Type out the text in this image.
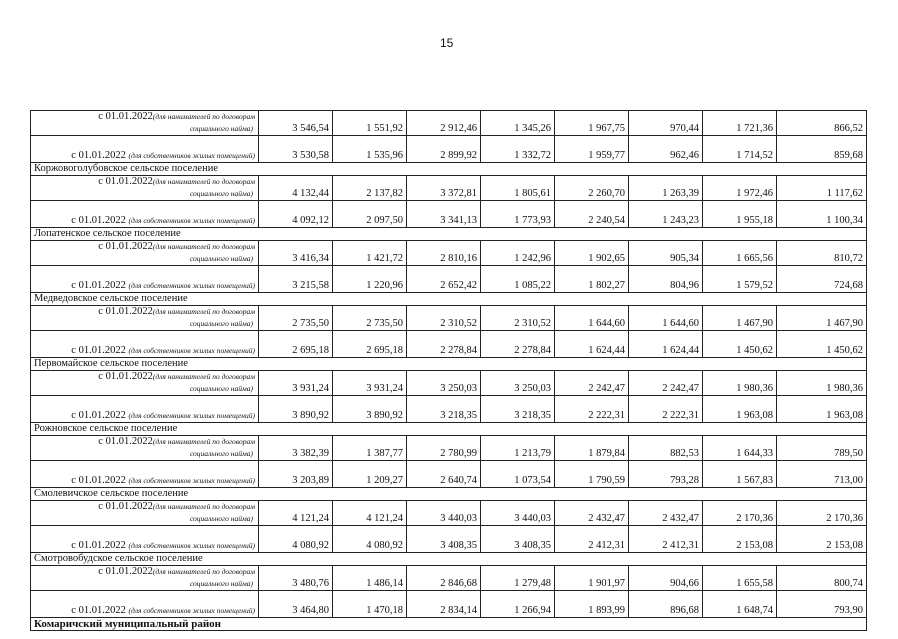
15
с 01.01.2022(для нанимателей по договорам
социального найма)	3 546,54	1 551,92	2 912,46	1 345,26	1 967,75	970,44	1 721,36	866,52
с 01.01.2022 (для собственников жилых помещений)	3 530,58	1 535,96	2 899,92	1 332,72	1 959,77	962,46	1 714,52	859,68
Коржовоголубовское сельское поселение								

с 01.01.2022(для нанимателей по договорам
социального найма)	4 132,44	2 137,82	3 372,81	1 805,61	2 260,70	1 263,39	1 972,46	1 117,62
с 01.01.2022 (для собственников жилых помещений)	4 092,12	2 097,50	3 341,13	1 773,93	2 240,54	1 243,23	1 955,18	1 100,34
Лопатенское сельское поселение								

с 01.01.2022(для нанимателей по договорам
социального найма)	3 416,34	1 421,72	2 810,16	1 242,96	1 902,65	905,34	1 665,56	810,72
с 01.01.2022 (для собственников жилых помещений)	3 215,58	1 220,96	2 652,42	1 085,22	1 802,27	804,96	1 579,52	724,68
Медведовское сельское поселение								

с 01.01.2022(для нанимателей по договорам
социального найма)	2 735,50	2 735,50	2 310,52	2 310,52	1 644,60	1 644,60	1 467,90	1 467,90
с 01.01.2022 (для собственников жилых помещений)	2 695,18	2 695,18	2 278,84	2 278,84	1 624,44	1 624,44	1 450,62	1 450,62
Первомайское сельское поселение								

с 01.01.2022(для нанимателей по договорам
социального найма)	3 931,24	3 931,24	3 250,03	3 250,03	2 242,47	2 242,47	1 980,36	1 980,36
с 01.01.2022 (для собственников жилых помещений)	3 890,92	3 890,92	3 218,35	3 218,35	2 222,31	2 222,31	1 963,08	1 963,08
Рожновское сельское поселение								

с 01.01.2022(для нанимателей по договорам
социального найма)	3 382,39	1 387,77	2 780,99	1 213,79	1 879,84	882,53	1 644,33	789,50
с 01.01.2022 (для собственников жилых помещений)	3 203,89	1 209,27	2 640,74	1 073,54	1 790,59	793,28	1 567,83	713,00
Смолевичское сельское поселение								

с 01.01.2022(для нанимателей по договорам
социального найма)	4 121,24	4 121,24	3 440,03	3 440,03	2 432,47	2 432,47	2 170,36	2 170,36
с 01.01.2022 (для собственников жилых помещений)	4 080,92	4 080,92	3 408,35	3 408,35	2 412,31	2 412,31	2 153,08	2 153,08
Смотровобудское сельское поселение								

с 01.01.2022(для нанимателей по договорам
социального найма)	3 480,76	1 486,14	2 846,68	1 279,48	1 901,97	904,66	1 655,58	800,74
с 01.01.2022 (для собственников жилых помещений)	3 464,80	1 470,18	2 834,14	1 266,94	1 893,99	896,68	1 648,74	793,90
Комаричский муниципальный район								
